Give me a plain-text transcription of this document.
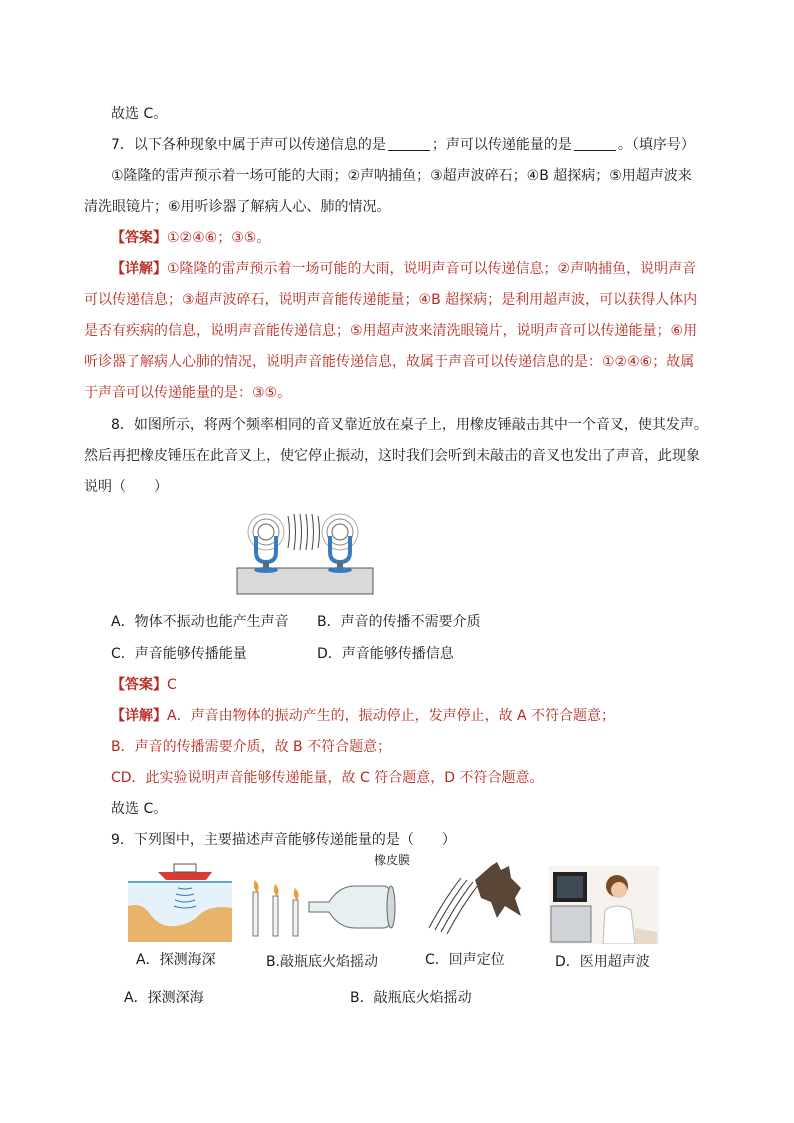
故选 C。
7．以下各种现象中属于声可以传递信息的是	；声可以传递能量的是	。（填序号）
①隆隆的雷声预示着一场可能的大雨；②声呐捕鱼；③超声波碎石；④B 超探病；⑤用超声波来
清洗眼镜片；⑥用听诊器了解病人心、肺的情况。
【答案】①②④⑥；③⑤。
【详解】①隆隆的雷声预示着一场可能的大雨，说明声音可以传递信息；②声呐捕鱼，说明声音
可以传递信息；③超声波碎石，说明声音能传递能量；④B 超探病；是利用超声波，可以获得人体内
是否有疾病的信息，说明声音能传递信息；⑤用超声波来清洗眼镜片，说明声音可以传递能量；⑥用
听诊器了解病人心肺的情况，说明声音能传递信息，故属于声音可以传递信息的是：①②④⑥；故属
于声音可以传递能量的是：③⑤。
8．如图所示，将两个频率相同的音叉靠近放在桌子上，用橡皮锤敲击其中一个音叉，使其发声。
然后再把橡皮锤压在此音叉上，使它停止振动，这时我们会听到未敲击的音叉也发出了声音，此现象
说明（　　）
A．物体不振动也能产生声音 B．声音的传播不需要介质
C．声音能够传播能量	D．声音能够传播信息
【答案】C
【详解】A．声音由物体的振动产生的，振动停止，发声停止，故 A 不符合题意；
B．声音的传播需要介质，故 B 不符合题意；
CD．此实验说明声音能够传递能量，故 C 符合题意，D 不符合题意。
故选 C。
9．下列图中，主要描述声音能够传递能量的是（　　）
橡皮膜
A．探测海深	B.敲瓶底火焰摇动	C．回声定位	D．医用超声波
A．探测深海	B．敲瓶底火焰摇动
